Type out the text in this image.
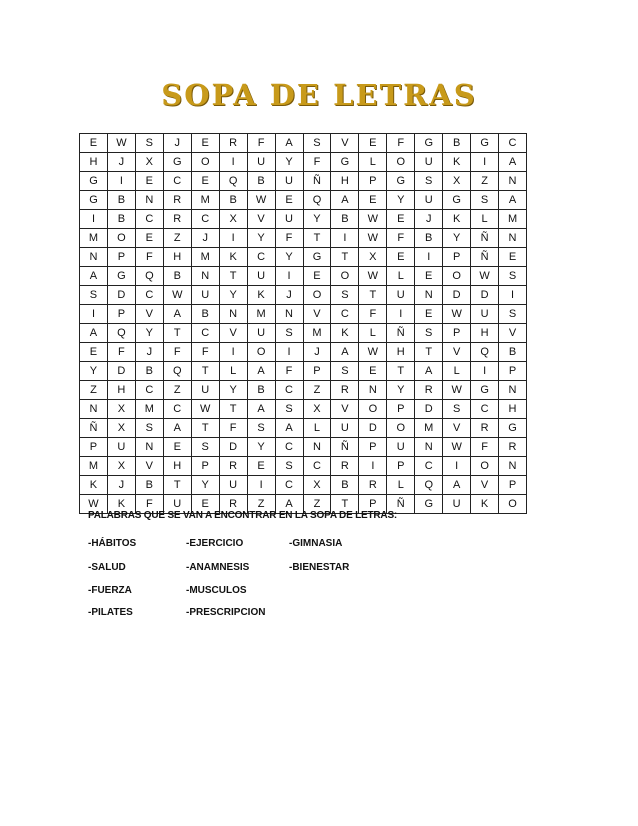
SOPA DE LETRAS
E	W	S	J	E	R	F	A	S	V	E	F	G	B	G	C
H	J	X	G	O	I	U	Y	F	G	L	O	U	K	I	A
G	I	E	C	E	Q	B	U	Ñ	H	P	G	S	X	Z	N
G	B	N	R	M	B	W	E	Q	A	E	Y	U	G	S	A
I	B	C	R	C	X	V	U	Y	B	W	E	J	K	L	M
M	O	E	Z	J	I	Y	F	T	I	W	F	B	Y	Ñ	N
N	P	F	H	M	K	C	Y	G	T	X	E	I	P	Ñ	E
A	G	Q	B	N	T	U	I	E	O	W	L	E	O	W	S
S	D	C	W	U	Y	K	J	O	S	T	U	N	D	D	I
I	P	V	A	B	N	M	N	V	C	F	I	E	W	U	S
A	Q	Y	T	C	V	U	S	M	K	L	Ñ	S	P	H	V
E	F	J	F	F	I	O	I	J	A	W	H	T	V	Q	B
Y	D	B	Q	T	L	A	F	P	S	E	T	A	L	I	P
Z	H	C	Z	U	Y	B	C	Z	R	N	Y	R	W	G	N
N	X	M	C	W	T	A	S	X	V	O	P	D	S	C	H
Ñ	X	S	A	T	F	S	A	L	U	D	O	M	V	R	G
P	U	N	E	S	D	Y	C	N	Ñ	P	U	N	W	F	R
M	X	V	H	P	R	E	S	C	R	I	P	C	I	O	N
K	J	B	T	Y	U	I	C	X	B	R	L	Q	A	V	P
W	K	F	U	E	R	Z	A	Z	T	P	Ñ	G	U	K	O
PALABRAS QUE SE VAN A ENCONTRAR EN LA SOPA DE LETRAS:
-HÁBITOS	-EJERCICIO	-GIMNASIA
-SALUD	-ANAMNESIS	-BIENESTAR
-FUERZA	-MUSCULOS
-PILATES	-PRESCRIPCION
